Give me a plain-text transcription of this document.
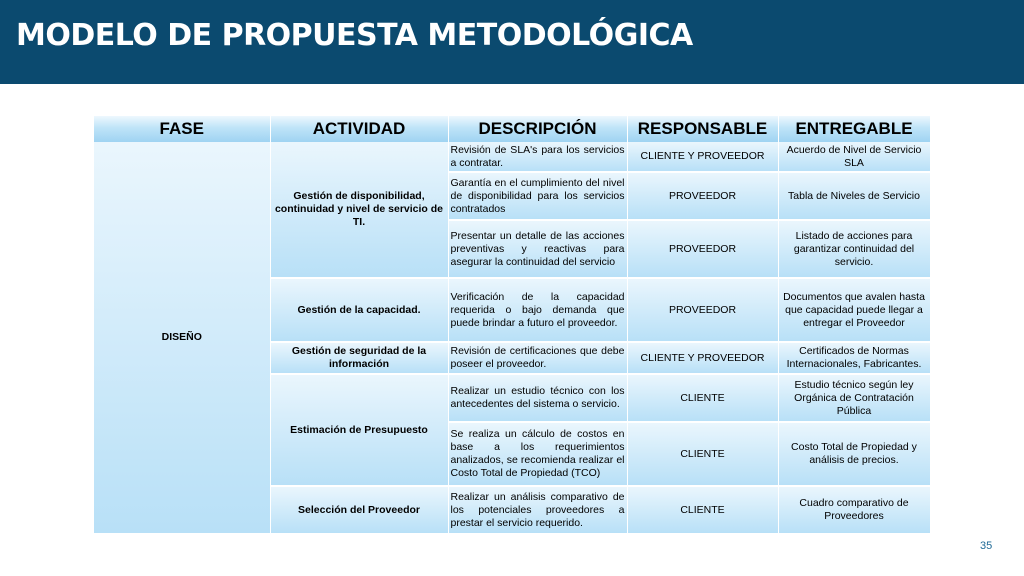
MODELO DE PROPUESTA METODOLÓGICA
FASE	ACTIVIDAD	DESCRIPCIÓN	RESPONSABLE	ENTREGABLE
DISEÑO	Gestión de disponibilidad, continuidad y nivel de servicio de TI.	Revisión de SLA's para los servicios a contratar.	CLIENTE Y PROVEEDOR	Acuerdo de Nivel de Servicio SLA
		Garantía en el cumplimiento del nivel de disponibilidad para los servicios contratados	PROVEEDOR	Tabla de Niveles de Servicio
		Presentar un detalle de las acciones preventivas y reactivas para asegurar la continuidad del servicio	PROVEEDOR	Listado de acciones para garantizar continuidad del servicio.
	Gestión de la capacidad.	Verificación de la capacidad requerida o bajo demanda que puede brindar a futuro el proveedor.	PROVEEDOR	Documentos que avalen hasta que capacidad puede llegar a entregar el Proveedor
	Gestión de seguridad de la información	Revisión de certificaciones que debe poseer el proveedor.	CLIENTE Y PROVEEDOR	Certificados de Normas Internacionales, Fabricantes.
	Estimación de Presupuesto	Realizar un estudio técnico con los antecedentes del sistema o servicio.	CLIENTE	Estudio técnico según ley Orgánica de Contratación Pública
		Se realiza un cálculo de costos en base a los requerimientos analizados, se recomienda realizar el Costo Total de Propiedad (TCO)	CLIENTE	Costo Total de Propiedad y análisis de precios.
	Selección del Proveedor	Realizar un análisis comparativo de los potenciales proveedores a prestar el servicio requerido.	CLIENTE	Cuadro comparativo de Proveedores
35
